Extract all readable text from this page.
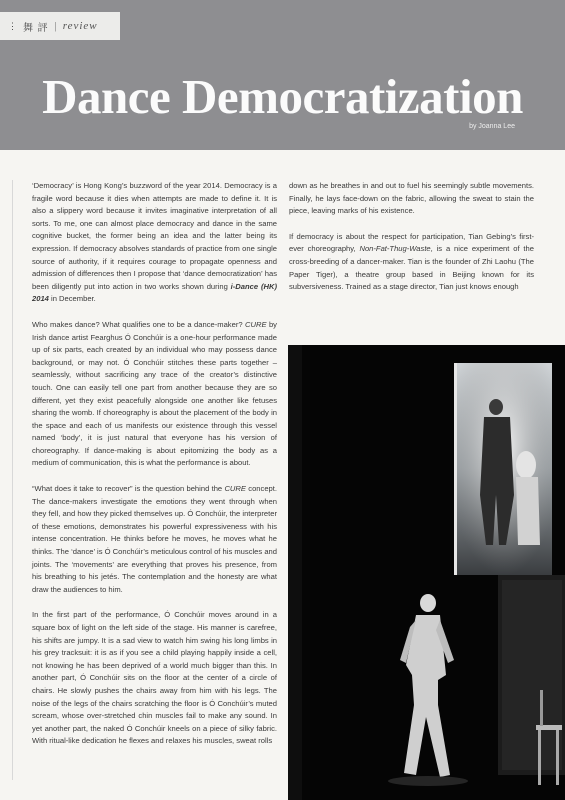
⋮ 舞 評 | review
Dance Democratization
by Joanna Lee

‘Democracy’ is Hong Kong’s buzzword of the year 2014. Democracy is a fragile word because it dies when attempts are made to define it. It is also a slippery word because it invites imaginative interpretation of all sorts. To me, one can almost place democracy and dance in the same cognitive bucket, the former being an idea and the latter being its expression. If democracy absolves standards of practice from one single source of authority, if it requires courage to propagate openness and admission of differences then I propose that ‘dance democratization’ has been diligently put into action in two works shown during i-Dance (HK) 2014 in December.

Who makes dance? What qualifies one to be a dance-maker? CURE by Irish dance artist Fearghus Ó Conchúir is a one-hour performance made up of six parts, each created by an individual who may possess dance background, or may not. Ó Conchúir stitches these parts together – seamlessly, without sacrificing any trace of the creator’s distinctive touch. One can easily tell one part from another because they are so different, yet they exist peacefully alongside one another like fetuses sharing the womb. If choreography is about the placement of the body in the space and each of us manifests our existence through this vessel named ‘body’, it is just natural that everyone has his version of choreography. If dance-making is about epitomizing the body as a medium of communication, this is what the performance is about.

“What does it take to recover” is the question behind the CURE concept. The dance-makers investigate the emotions they went through when they fell, and how they picked themselves up. Ó Conchúir, the interpreter of these emotions, demonstrates his powerful expressiveness with his intense concentration. He thinks before he moves, he moves what he thinks. The ‘dance’ is Ó Conchúir’s meticulous control of his muscles and joints. The ‘movements’ are everything that proves his presence, from his breathing to his jetés. The contemplation and the honesty are what draw the audiences to him.

In the first part of the performance, Ó Conchúir moves around in a square box of light on the left side of the stage. His manner is carefree, his shifts are jumpy. It is a sad view to watch him swing his long limbs in his grey tracksuit: it is as if you see a child playing happily inside a cell, not knowing he has been deprived of a world much bigger than this. In another part, Ó Conchúir sits on the floor at the center of a circle of chairs. He slowly pushes the chairs away from him with his legs. The noise of the legs of the chairs scratching the floor is Ó Conchúir’s muted scream, whose over-stretched chin muscles fail to make any sound. In yet another part, the naked Ó Conchúir kneels on a piece of silky fabric. With ritual-like dedication he flexes and relaxes his muscles, sweat rolls

down as he breathes in and out to fuel his seemingly subtle movements. Finally, he lays face-down on the fabric, allowing the sweat to stain the piece, leaving marks of his existence.

If democracy is about the respect for participation, Tian Gebing’s first-ever choreography, Non-Fat-Thug-Waste, is a nice experiment of the cross-breeding of a dancer-maker. Tian is the founder of Zhi Laohu (The Paper Tiger), a theatre group based in Beijing known for its subversiveness. Trained as a stage director, Tian just knows enough
